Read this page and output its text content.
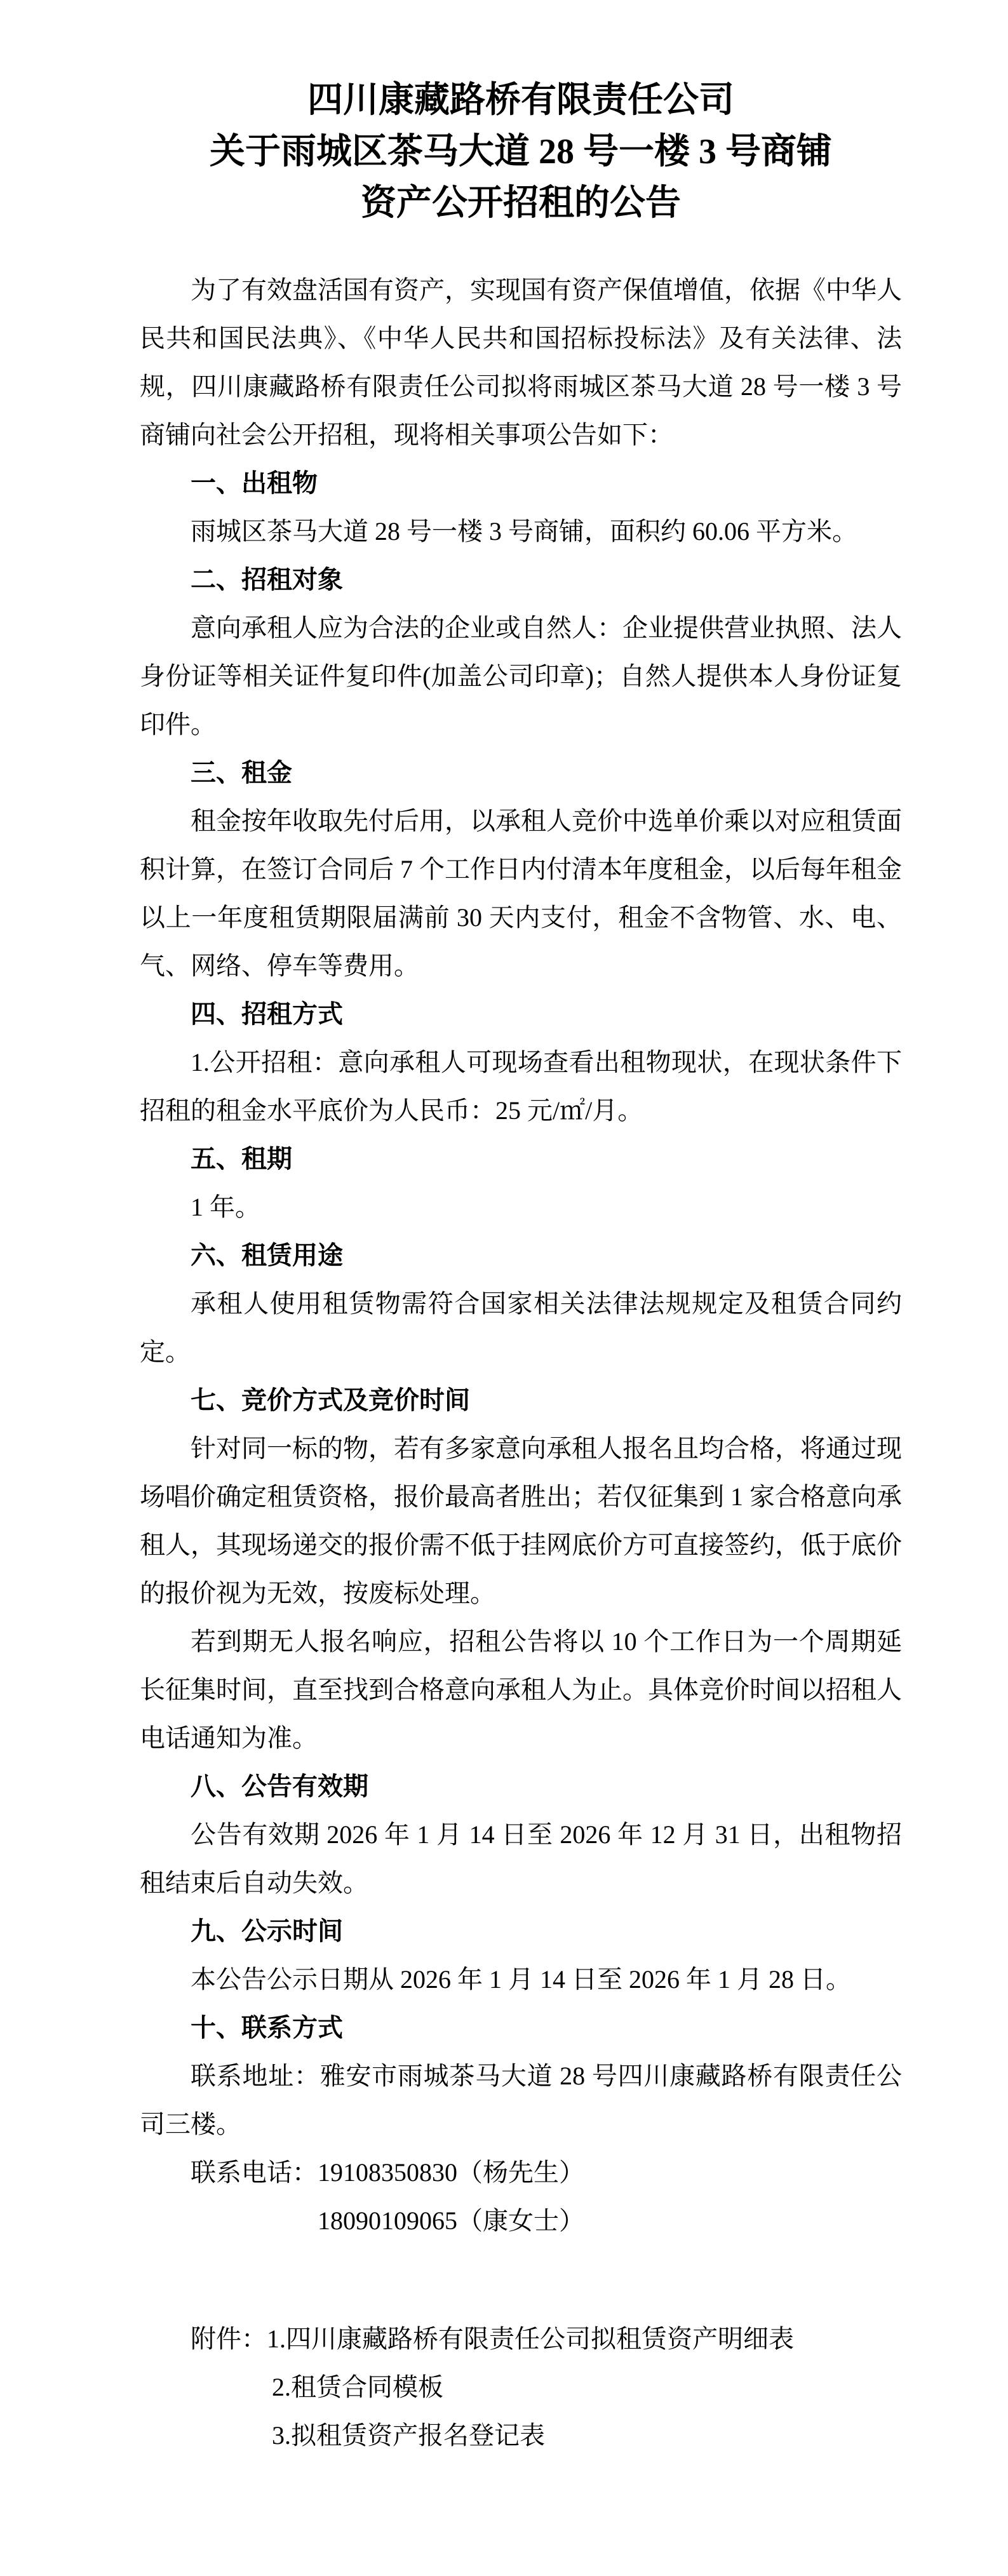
四川康藏路桥有限责任公司
关于雨城区茶马大道 28 号一楼 3 号商铺
资产公开招租的公告

为了有效盘活国有资产，实现国有资产保值增值，依据《中华人民共和国民法典》、《中华人民共和国招标投标法》及有关法律、法规，四川康藏路桥有限责任公司拟将雨城区茶马大道 28 号一楼 3 号商铺向社会公开招租，现将相关事项公告如下：

一、出租物

雨城区茶马大道 28 号一楼 3 号商铺，面积约 60.06 平方米。

二、招租对象

意向承租人应为合法的企业或自然人：企业提供营业执照、法人身份证等相关证件复印件(加盖公司印章)；自然人提供本人身份证复印件。

三、租金

租金按年收取先付后用，以承租人竞价中选单价乘以对应租赁面积计算，在签订合同后 7 个工作日内付清本年度租金，以后每年租金以上一年度租赁期限届满前 30 天内支付，租金不含物管、水、电、气、网络、停车等费用。

四、招租方式

1.公开招租：意向承租人可现场查看出租物现状，在现状条件下招租的租金水平底价为人民币：25 元/㎡/月。

五、租期

1 年。

六、租赁用途

承租人使用租赁物需符合国家相关法律法规规定及租赁合同约定。

七、竞价方式及竞价时间

针对同一标的物，若有多家意向承租人报名且均合格，将通过现场唱价确定租赁资格，报价最高者胜出；若仅征集到 1 家合格意向承租人，其现场递交的报价需不低于挂网底价方可直接签约，低于底价的报价视为无效，按废标处理。

若到期无人报名响应，招租公告将以 10 个工作日为一个周期延长征集时间，直至找到合格意向承租人为止。具体竞价时间以招租人电话通知为准。

八、公告有效期

公告有效期 2026 年 1 月 14 日至 2026 年 12 月 31 日，出租物招租结束后自动失效。

九、公示时间

本公告公示日期从 2026 年 1 月 14 日至 2026 年 1 月 28 日。

十、联系方式

联系地址：雅安市雨城茶马大道 28 号四川康藏路桥有限责任公司三楼。

联系电话：19108350830（杨先生）

18090109065（康女士）

附件：1.四川康藏路桥有限责任公司拟租赁资产明细表

2.租赁合同模板

3.拟租赁资产报名登记表
